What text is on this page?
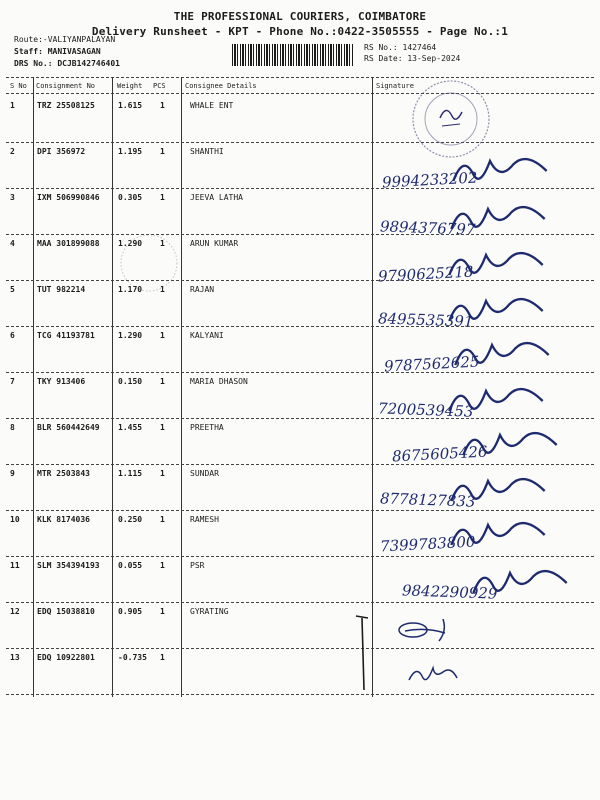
THE PROFESSIONAL COURIERS, COIMBATORE
Delivery Runsheet - KPT - Phone No.:0422-3505555 - Page No.:1
Route:-VALIYANPALAYAN
Staff: MANIVASAGAN
DRS No.: DCJB142746401
RS No.: 1427464
RS Date: 13-Sep-2024
S No Consignment No	Weight PCS	Consignee Details	Signature
1	TRZ 25508125	1.615 1	WHALE ENT
2	DPI 356972	1.195 1	SHANTHI
9994233202
3	IXM 506990846 0.305 1	JEEVA LATHA
9894376797
4	MAA 301899088 1.290 1	ARUN KUMAR
9790625218
5	TUT 982214	1.170 1	RAJAN
8495535391
6	TCG 41193781	1.290 1	KALYANI
9787562625
7	TKY 913406	0.150 1	MARIA DHASON
7200539453
8	BLR 560442649 1.455 1	PREETHA
8675605426
9	MTR 2503843	1.115 1	SUNDAR
8778127833
10 KLK 8174036	0.250 1	RAMESH
7399783800
11 SLM 354394193 0.055 1	PSR
9842290929
12 EDQ 15038810	0.905 1	GYRATING
13 EDQ 10922801	-0.735 1
